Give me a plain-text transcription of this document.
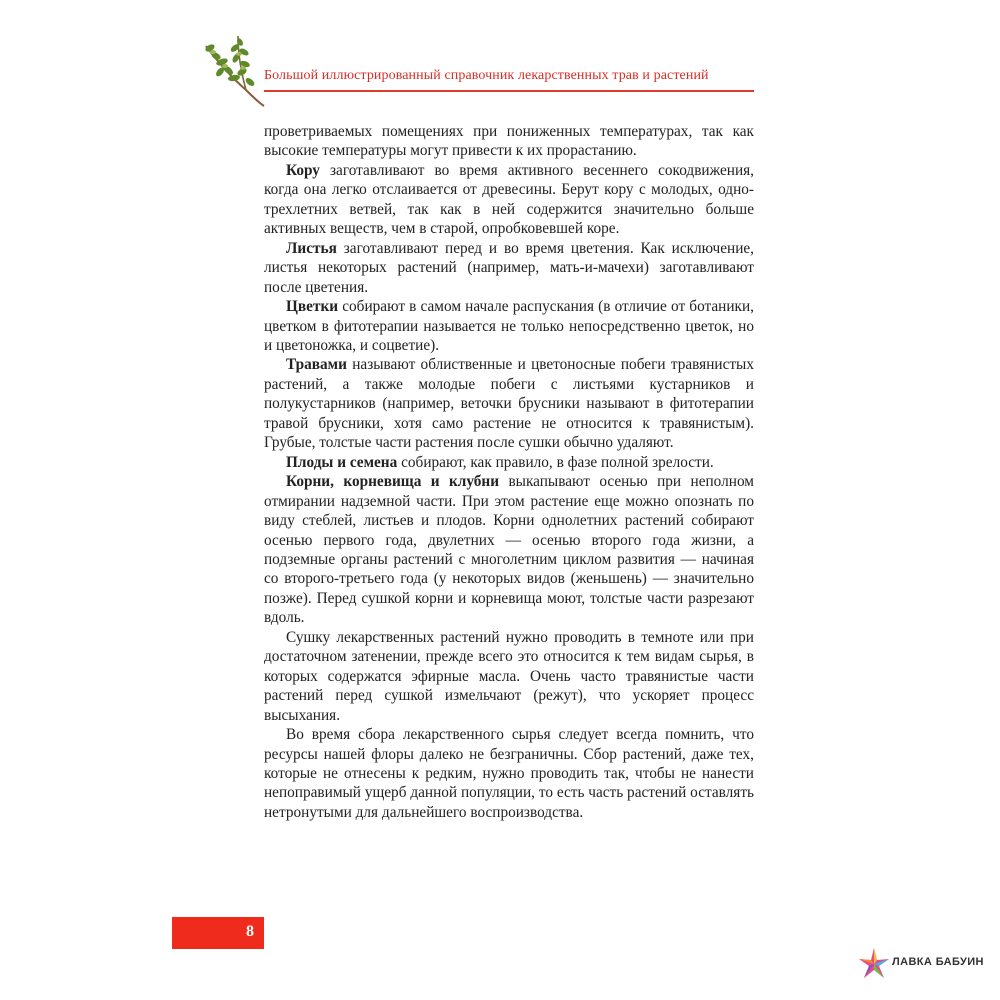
Большой иллюстрированный справочник лекарственных трав и растений

проветриваемых помещениях при пониженных температурах, так как высокие температуры могут привести к их прорастанию.

Кору заготавливают во время активного весеннего сокодвижения, когда она легко отслаивается от древесины. Берут кору с молодых, одно-трехлетних ветвей, так как в ней содержится значительно больше активных веществ, чем в старой, опробковевшей коре.

Листья заготавливают перед и во время цветения. Как исключение, листья некоторых растений (например, мать-и-мачехи) заготавливают после цветения.

Цветки собирают в самом начале распускания (в отличие от ботаники, цветком в фитотерапии называется не только непосредственно цветок, но и цветоножка, и соцветие).

Травами называют облиственные и цветоносные побеги травянистых растений, а также молодые побеги с листьями кустарников и полукустарников (например, веточки брусники называют в фитотерапии травой брусники, хотя само растение не относится к травянистым). Грубые, толстые части растения после сушки обычно удаляют.

Плоды и семена собирают, как правило, в фазе полной зрелости.

Корни, корневища и клубни выкапывают осенью при неполном отмирании надземной части. При этом растение еще можно опознать по виду стеблей, листьев и плодов. Корни однолетних растений собирают осенью первого года, двулетних — осенью второго года жизни, а подземные органы растений с многолетним циклом развития — начиная со второго-третьего года (у некоторых видов (женьшень) — значительно позже). Перед сушкой корни и корневища моют, толстые части разрезают вдоль.

Сушку лекарственных растений нужно проводить в темноте или при достаточном затенении, прежде всего это относится к тем видам сырья, в которых содержатся эфирные масла. Очень часто травянистые части растений перед сушкой измельчают (режут), что ускоряет процесс высыхания.

Во время сбора лекарственного сырья следует всегда помнить, что ресурсы нашей флоры далеко не безграничны. Сбор растений, даже тех, которые не отнесены к редким, нужно проводить так, чтобы не нанести непоправимый ущерб данной популяции, то есть часть растений оставлять нетронутыми для дальнейшего воспроизводства.

8
ЛАВКА БАБУИН
